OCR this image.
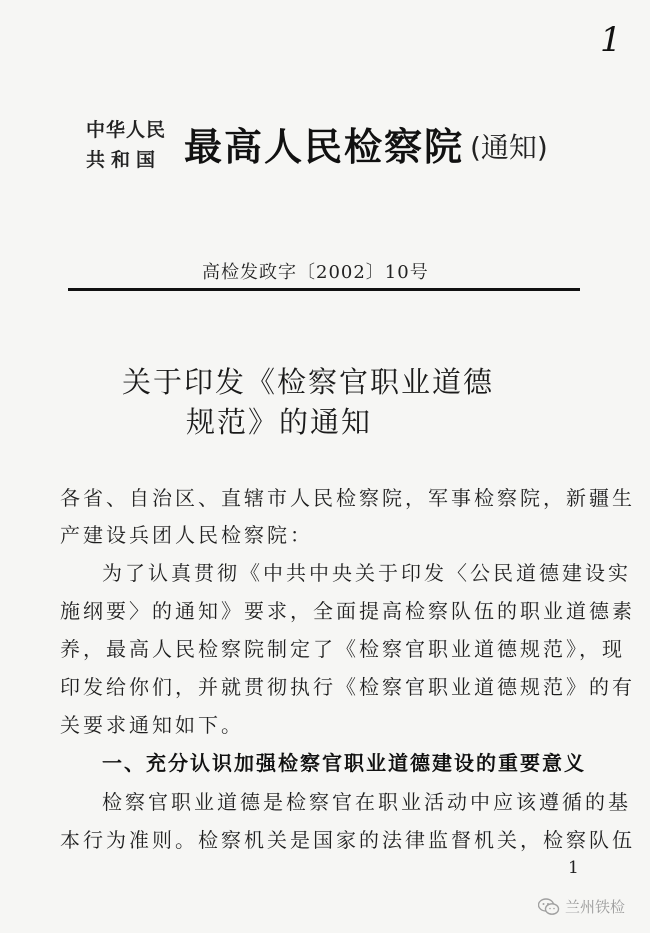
1
中华人民
共和国 最高人民检察院 (通知)
高检发政字〔2002〕10号
关于印发《检察官职业道德
规范》的通知
各省、自治区、直辖市人民检察院，军事检察院，新疆生
产建设兵团人民检察院：
为了认真贯彻《中共中央关于印发〈公民道德建设实
施纲要〉的通知》要求，全面提高检察队伍的职业道德素
养，最高人民检察院制定了《检察官职业道德规范》，现
印发给你们，并就贯彻执行《检察官职业道德规范》的有
关要求通知如下。
一、充分认识加强检察官职业道德建设的重要意义
检察官职业道德是检察官在职业活动中应该遵循的基
本行为准则。检察机关是国家的法律监督机关，检察队伍
1
兰州铁检
